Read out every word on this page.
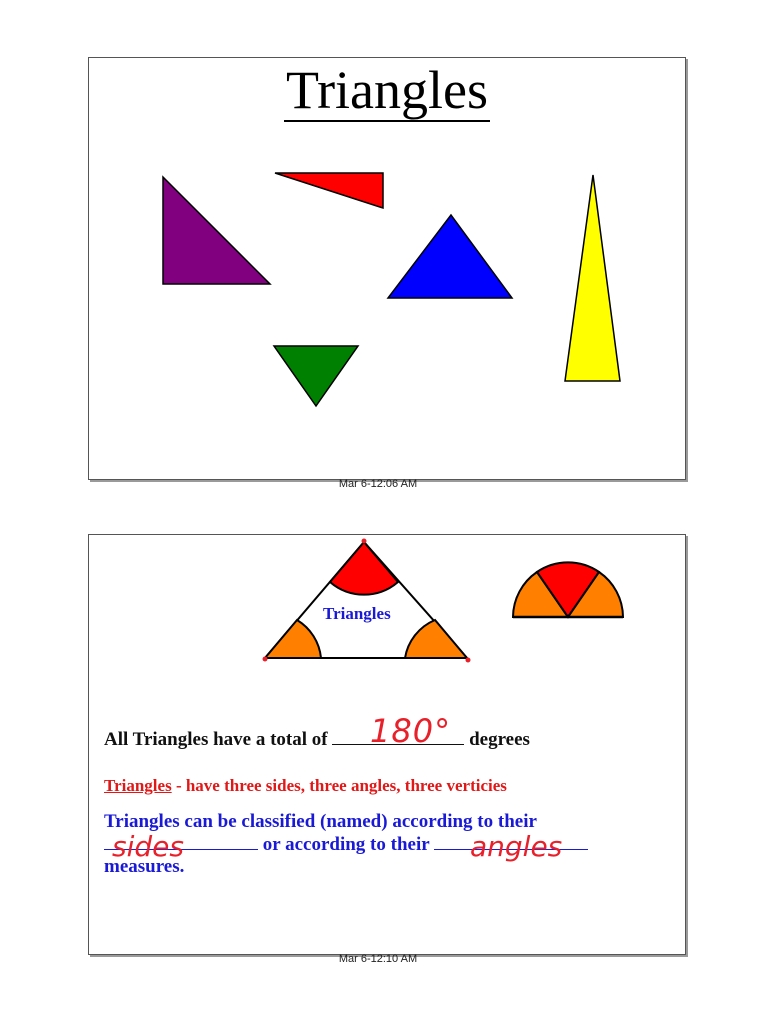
Triangles
Mar 6-12:06 AM
Triangles
All Triangles have a total of	degrees
180°
Triangles - have three sides, three angles, three verticies
Triangles can be classified (named) according to their
or according to their
measures.
sides	angles
Mar 6-12:10 AM
